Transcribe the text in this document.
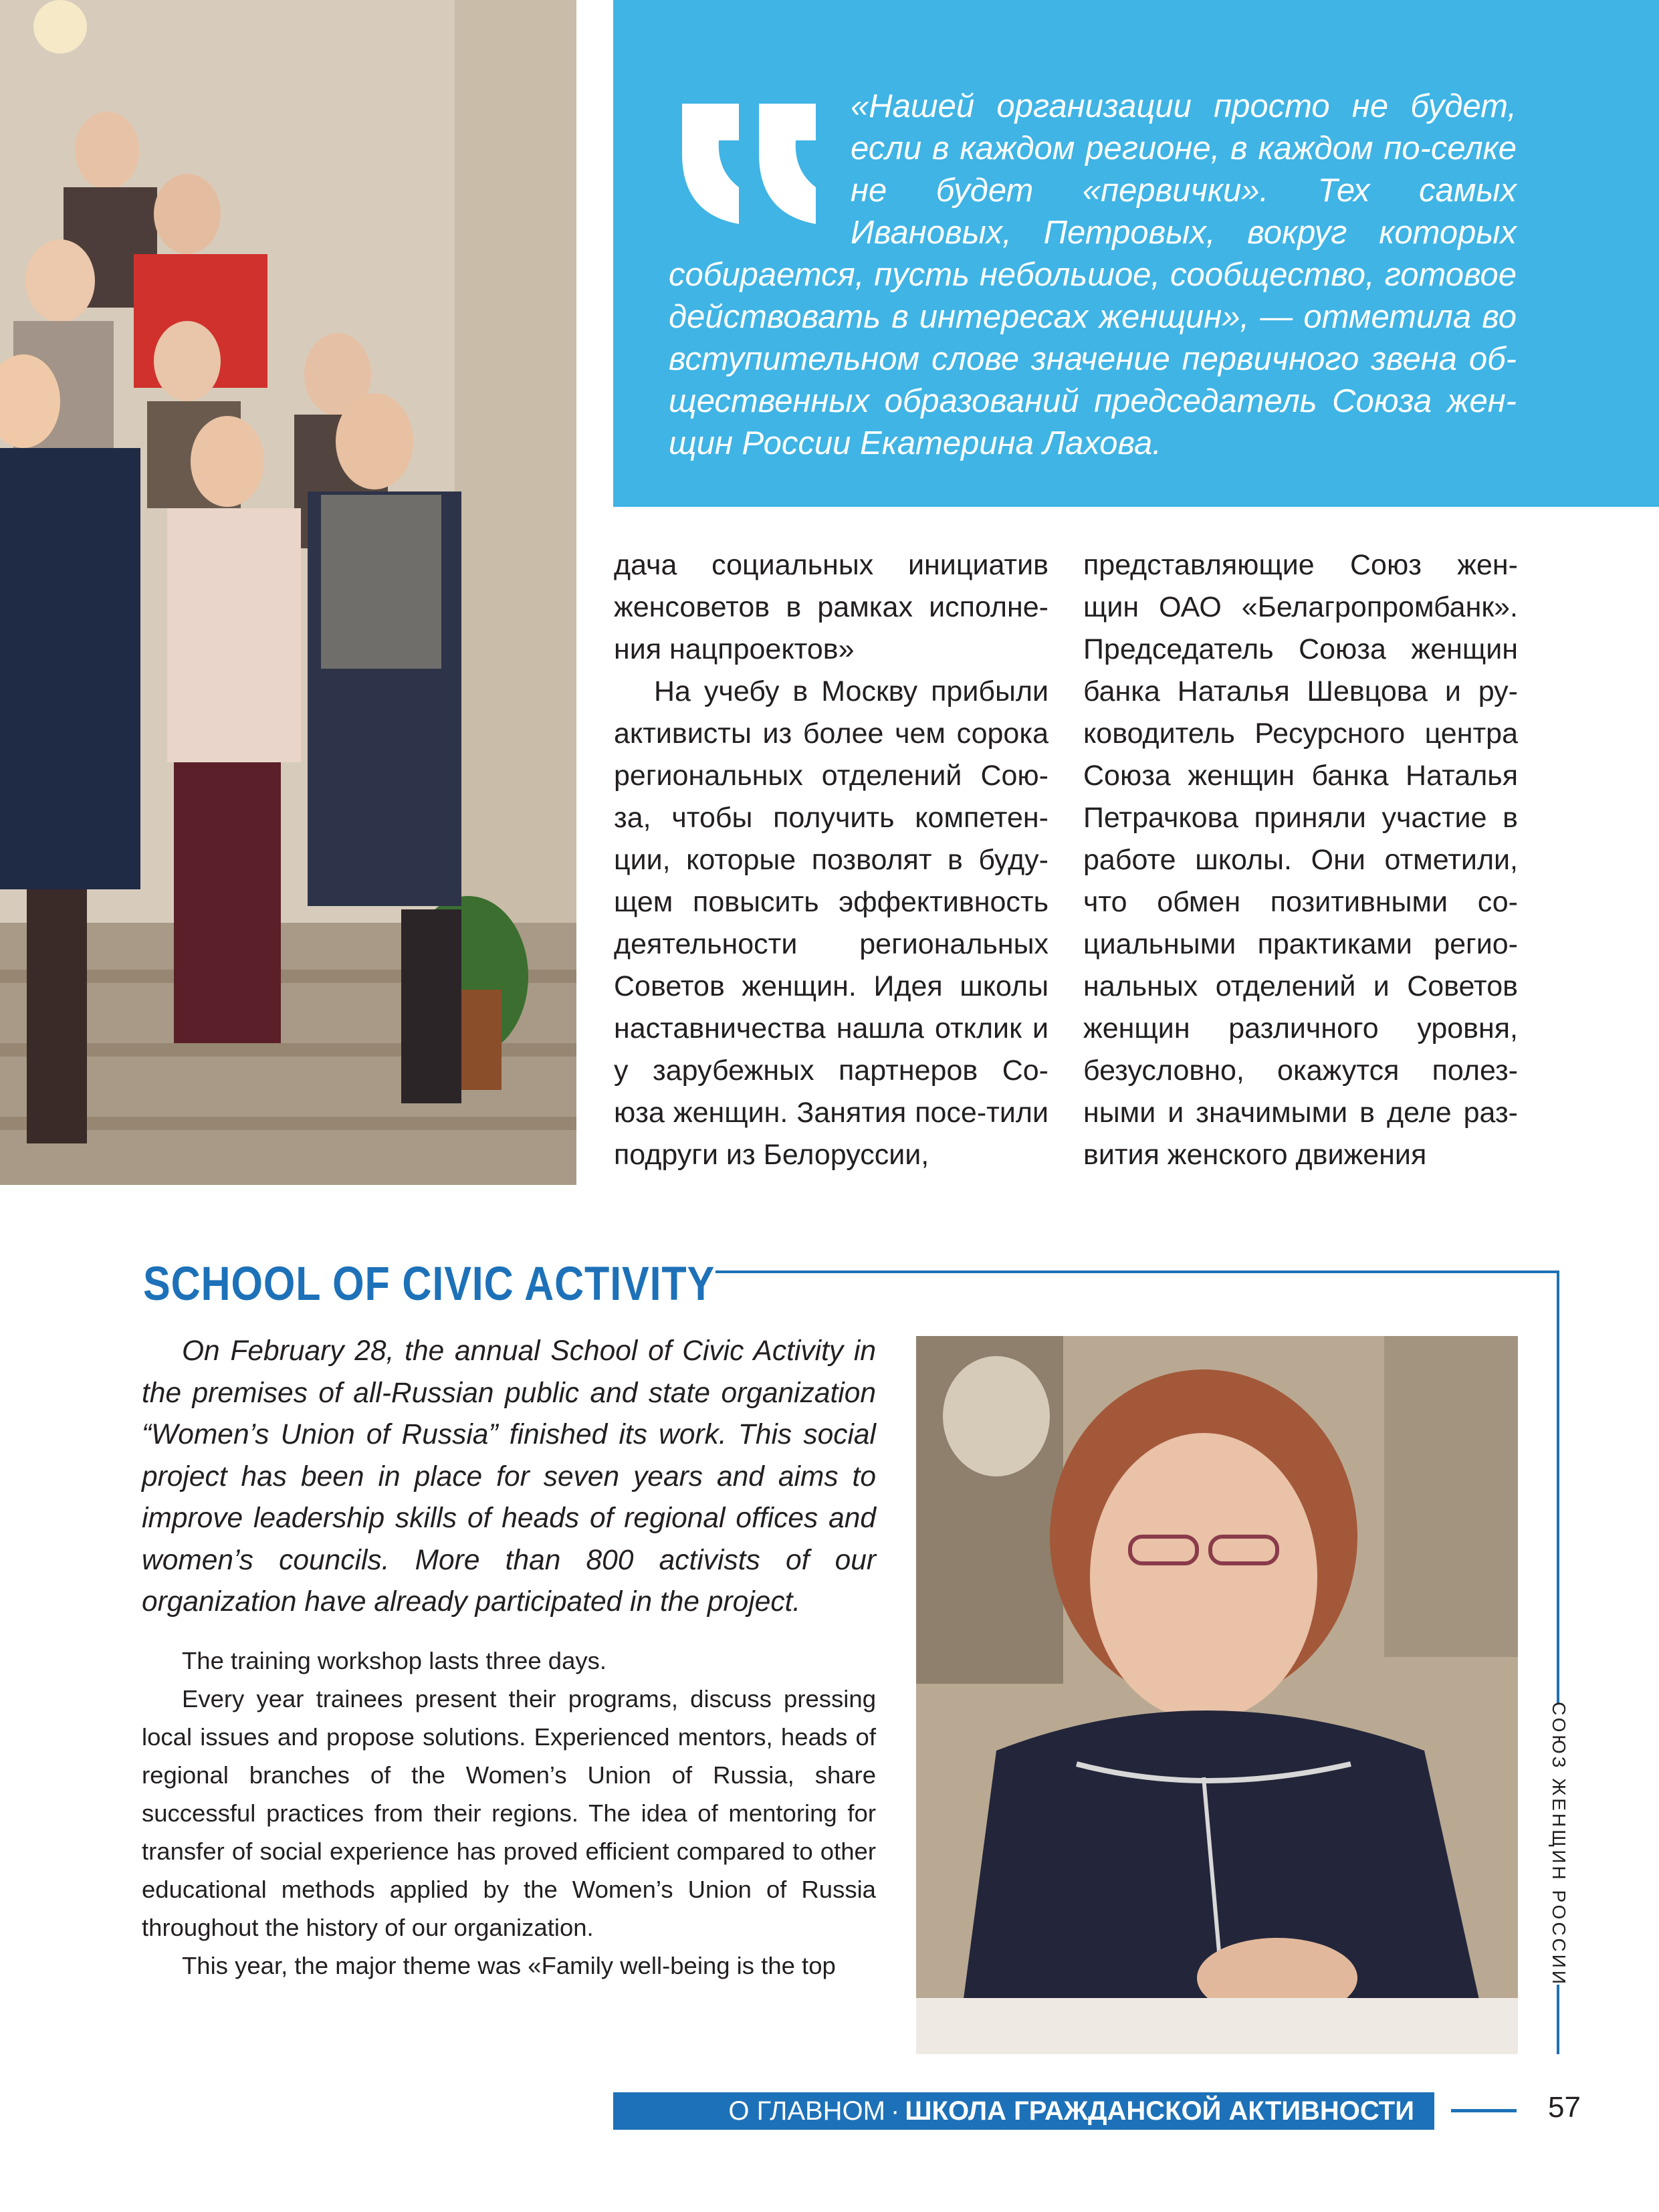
«Нашей организации просто не будет, если в каждом регионе, в каждом по-селке не будет «первички». Тех самых Ивановых, Петровых, вокруг которых собирается, пусть небольшое, сообщество, готовое действовать в интересах женщин», — отметила во вступительном слове значение первичного звена об-щественных образований председатель Союза жен-щин России Екатерина Лахова.

дача социальных инициатив женсоветов в рамках исполне-ния нацпроектов»

На учебу в Москву прибыли активисты из более чем сорока региональных отделений Сою-за, чтобы получить компетен-ции, которые позволят в буду-щем повысить эффективность деятельности региональных Советов женщин. Идея школы наставничества нашла отклик и у зарубежных партнеров Со-юза женщин. Занятия посе-тили подруги из Белоруссии,

представляющие Союз жен-щин ОАО «Белагропромбанк». Председатель Союза женщин банка Наталья Шевцова и ру-ководитель Ресурсного центра Союза женщин банка Наталья Петрачкова приняли участие в работе школы. Они отметили, что обмен позитивными со-циальными практиками регио-нальных отделений и Советов женщин различного уровня, безусловно, окажутся полез-ными и значимыми в деле раз-вития женского движения

SCHOOL OF CIVIC ACTIVITY
СОЮЗ ЖЕНЩИН РОССИИ

On February 28, the annual School of Civic Activity in the premises of all-Russian public and state organization “Women’s Union of Russia” finished its work. This social project has been in place for seven years and aims to improve leadership skills of heads of regional offices and women’s councils. More than 800 activists of our organization have already participated in the project.

The training workshop lasts three days.

Every year trainees present their programs, discuss pressing local issues and propose solutions. Experienced mentors, heads of regional branches of the Women’s Union of Russia, share successful practices from their regions. The idea of mentoring for transfer of social experience has proved efficient compared to other educational methods applied by the Women’s Union of Russia throughout the history of our organization.

This year, the major theme was «Family well-being is the top

О ГЛАВНОМ · ШКОЛА ГРАЖДАНСКОЙ АКТИВНОСТИ	57
